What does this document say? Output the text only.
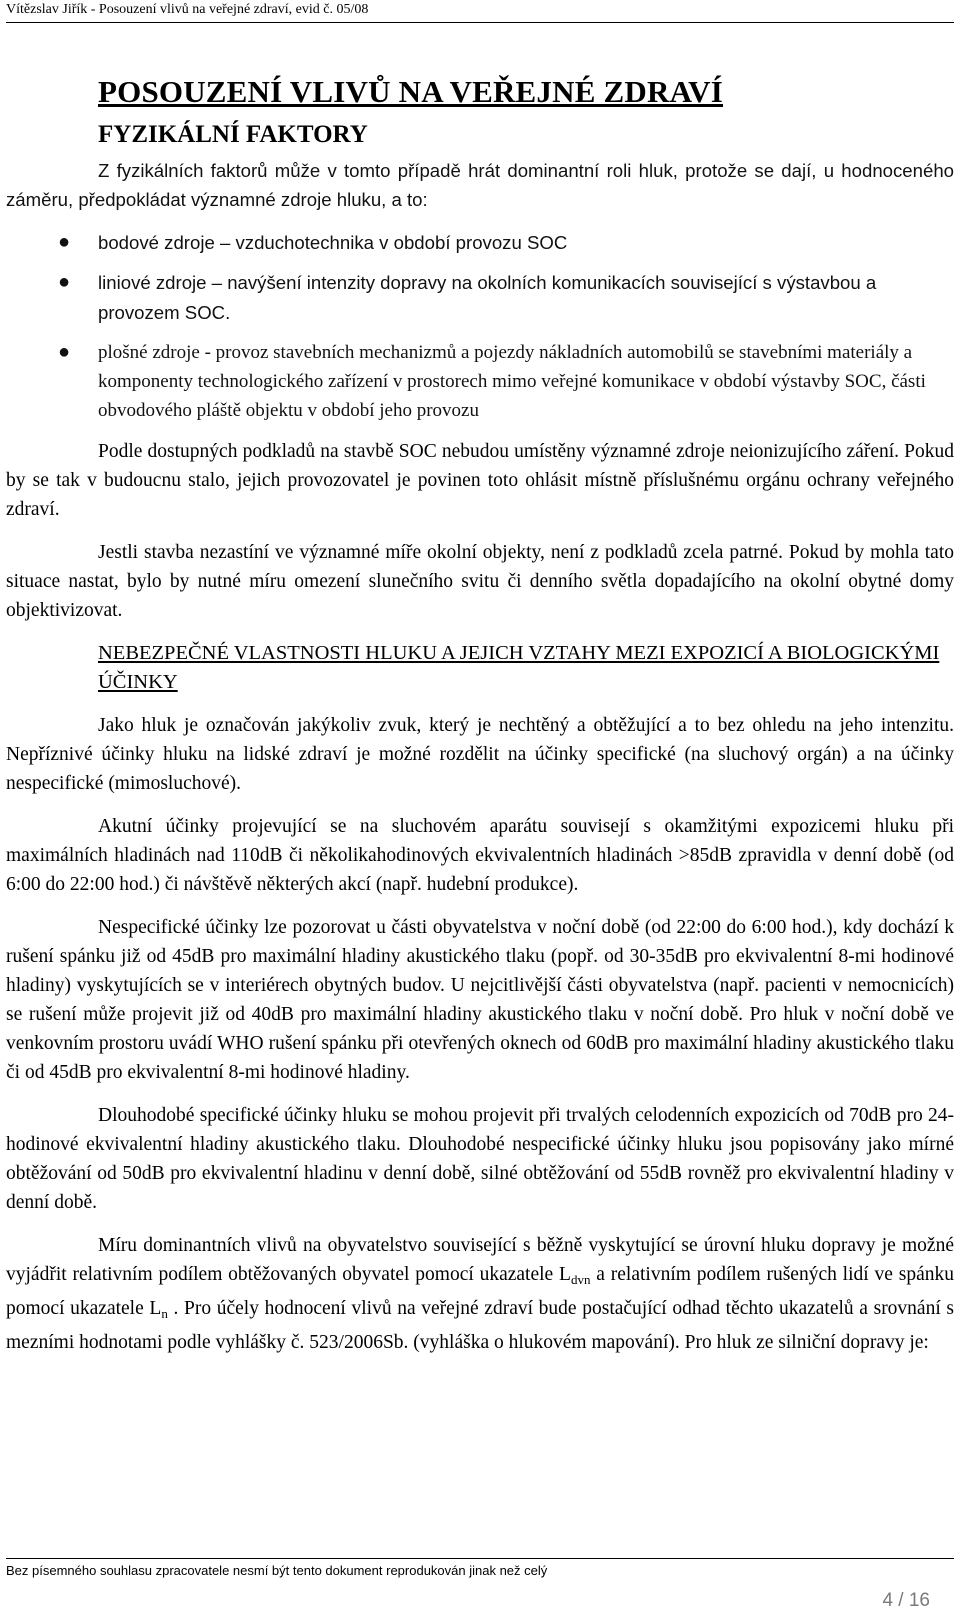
Vítězslav Jiřík - Posouzení vlivů na veřejné zdraví, evid č. 05/08
POSOUZENÍ VLIVŮ NA VEŘEJNÉ ZDRAVÍ
FYZIKÁLNÍ FAKTORY

Z fyzikálních faktorů může v tomto případě hrát dominantní roli hluk, protože se dají, u hodnoceného záměru, předpokládat významné zdroje hluku, a to:

● bodové zdroje – vzduchotechnika v období provozu SOC
● liniové zdroje – navýšení intenzity dopravy na okolních komunikacích související s výstavbou a provozem SOC.
● plošné zdroje - provoz stavebních mechanizmů a pojezdy nákladních automobilů se stavebními materiály a komponenty technologického zařízení v prostorech mimo veřejné komunikace v období výstavby SOC, části obvodového pláště objektu v období jeho provozu

Podle dostupných podkladů na stavbě SOC nebudou umístěny významné zdroje neionizujícího záření. Pokud by se tak v budoucnu stalo, jejich provozovatel je povinen toto ohlásit místně příslušnému orgánu ochrany veřejného zdraví.

Jestli stavba nezastíní ve významné míře okolní objekty, není z podkladů zcela patrné. Pokud by mohla tato situace nastat, bylo by nutné míru omezení slunečního svitu či denního světla dopadajícího na okolní obytné domy objektivizovat.

NEBEZPEČNÉ VLASTNOSTI HLUKU A JEJICH VZTAHY MEZI EXPOZICÍ A BIOLOGICKÝMI ÚČINKY

Jako hluk je označován jakýkoliv zvuk, který je nechtěný a obtěžující a to bez ohledu na jeho intenzitu. Nepříznivé účinky hluku na lidské zdraví je možné rozdělit na účinky specifické (na sluchový orgán) a na účinky nespecifické (mimosluchové).

Akutní účinky projevující se na sluchovém aparátu souvisejí s okamžitými expozicemi hluku při maximálních hladinách nad 110dB či několikahodinových ekvivalentních hladinách >85dB zpravidla v denní době (od 6:00 do 22:00 hod.) či návštěvě některých akcí (např. hudební produkce).

Nespecifické účinky lze pozorovat u části obyvatelstva v noční době (od 22:00 do 6:00 hod.), kdy dochází k rušení spánku již od 45dB pro maximální hladiny akustického tlaku (popř. od 30-35dB pro ekvivalentní 8-mi hodinové hladiny) vyskytujících se v interiérech obytných budov. U nejcitlivější části obyvatelstva (např. pacienti v nemocnicích) se rušení může projevit již od 40dB pro maximální hladiny akustického tlaku v noční době. Pro hluk v noční době ve venkovním prostoru uvádí WHO rušení spánku při otevřených oknech od 60dB pro maximální hladiny akustického tlaku či od 45dB pro ekvivalentní 8-mi hodinové hladiny.

Dlouhodobé specifické účinky hluku se mohou projevit při trvalých celodenních expozicích od 70dB pro 24-hodinové ekvivalentní hladiny akustického tlaku. Dlouhodobé nespecifické účinky hluku jsou popisovány jako mírné obtěžování od 50dB pro ekvivalentní hladinu v denní době, silné obtěžování od 55dB rovněž pro ekvivalentní hladiny v denní době.

Míru dominantních vlivů na obyvatelstvo související s běžně vyskytující se úrovní hluku dopravy je možné vyjádřit relativním podílem obtěžovaných obyvatel pomocí ukazatele $L_{dvn}$ a relativním podílem rušených lidí ve spánku pomocí ukazatele $L_n$ . Pro účely hodnocení vlivů na veřejné zdraví bude postačující odhad těchto ukazatelů a srovnání s mezními hodnotami podle vyhlášky č. 523/2006Sb. (vyhláška o hlukovém mapování). Pro hluk ze silniční dopravy je:

Bez písemného souhlasu zpracovatele nesmí být tento dokument reprodukován jinak než celý
4 / 16
